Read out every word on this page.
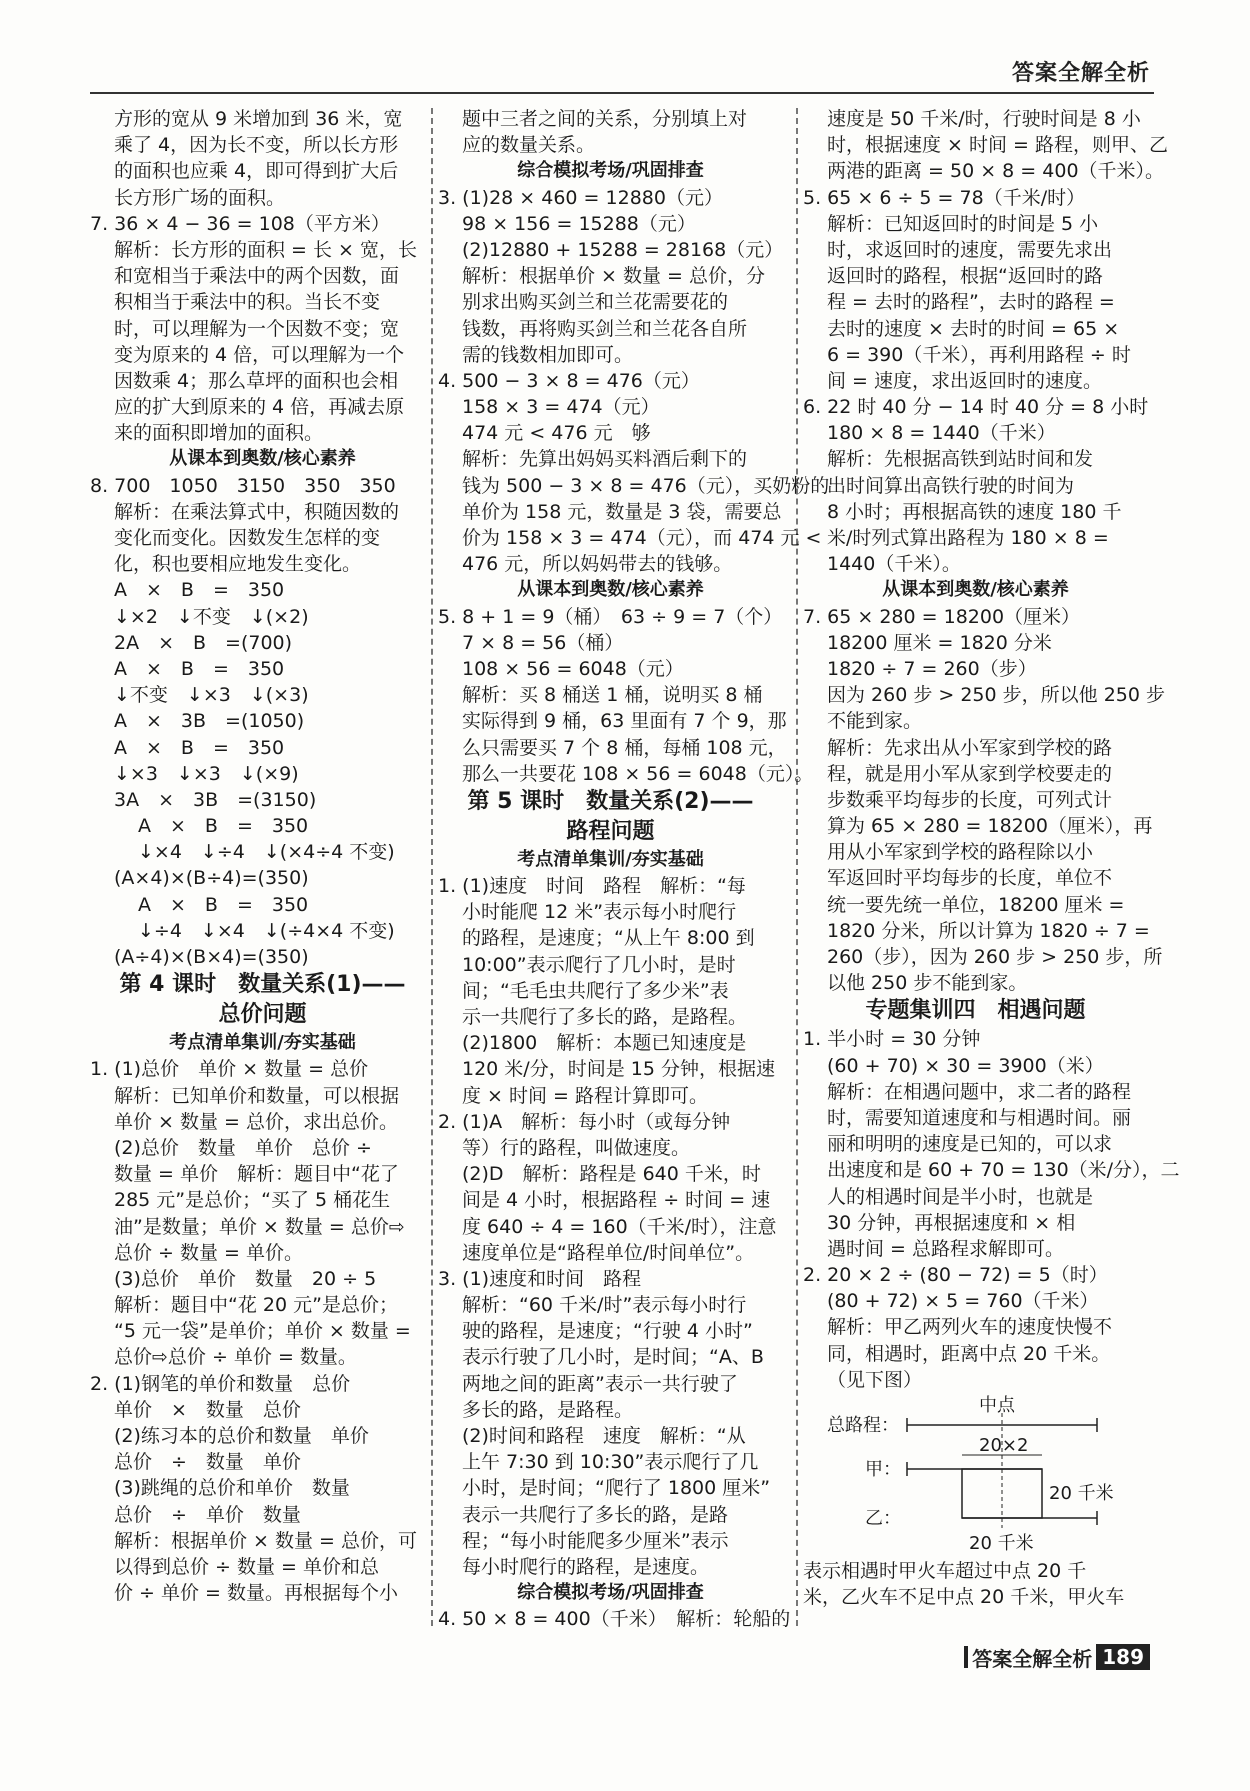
答案全解全析
方形的宽从 9 米增加到 36 米，宽
乘了 4，因为长不变，所以长方形
的面积也应乘 4，即可得到扩大后
长方形广场的面积。
7. 36 × 4 − 36 = 108（平方米）
解析：长方形的面积 = 长 × 宽，长
和宽相当于乘法中的两个因数，面
积相当于乘法中的积。当长不变
时，可以理解为一个因数不变；宽
变为原来的 4 倍，可以理解为一个
因数乘 4；那么草坪的面积也会相
应的扩大到原来的 4 倍，再减去原
来的面积即增加的面积。
从课本到奥数/核心素养
8. 700　1050　3150　350　350
解析：在乘法算式中，积随因数的
变化而变化。因数发生怎样的变
化，积也要相应地发生变化。
A　×　B　=　350
↓×2　↓不变　↓(×2)
2A　×　B　=(700)
A　×　B　=　350
↓不变　↓×3　↓(×3)
A　×　3B　=(1050)
A　×　B　=　350
↓×3　↓×3　↓(×9)
3A　×　3B　=(3150)
A　×　B　=　350
↓×4　↓÷4　↓(×4÷4 不变)
(A×4)×(B÷4)=(350)
A　×　B　=　350
↓÷4　↓×4　↓(÷4×4 不变)
(A÷4)×(B×4)=(350)
第 4 课时　数量关系(1)——
总价问题
考点清单集训/夯实基础
1. (1)总价　单价 × 数量 = 总价
解析：已知单价和数量，可以根据
单价 × 数量 = 总价，求出总价。
(2)总价　数量　单价　总价 ÷
数量 = 单价　解析：题目中“花了
285 元”是总价；“买了 5 桶花生
油”是数量；单价 × 数量 = 总价⇨
总价 ÷ 数量 = 单价。
(3)总价　单价　数量　20 ÷ 5
解析：题目中“花 20 元”是总价；
“5 元一袋”是单价；单价 × 数量 =
总价⇨总价 ÷ 单价 = 数量。
2. (1)钢笔的单价和数量　总价
单价　×　数量　总价
(2)练习本的总价和数量　单价
总价　÷　数量　单价
(3)跳绳的总价和单价　数量
总价　÷　单价　数量
解析：根据单价 × 数量 = 总价，可
以得到总价 ÷ 数量 = 单价和总
价 ÷ 单价 = 数量。再根据每个小
题中三者之间的关系，分别填上对
应的数量关系。
综合模拟考场/巩固排查
3. (1)28 × 460 = 12880（元）
98 × 156 = 15288（元）
(2)12880 + 15288 = 28168（元）
解析：根据单价 × 数量 = 总价，分
别求出购买剑兰和兰花需要花的
钱数，再将购买剑兰和兰花各自所
需的钱数相加即可。
4. 500 − 3 × 8 = 476（元）
158 × 3 = 474（元）
474 元 < 476 元　够
解析：先算出妈妈买料酒后剩下的
钱为 500 − 3 × 8 = 476（元），买奶粉的
单价为 158 元，数量是 3 袋，需要总
价为 158 × 3 = 474（元），而 474 元 <
476 元，所以妈妈带去的钱够。
从课本到奥数/核心素养
5. 8 + 1 = 9（桶）　63 ÷ 9 = 7（个）
7 × 8 = 56（桶）
108 × 56 = 6048（元）
解析：买 8 桶送 1 桶，说明买 8 桶
实际得到 9 桶，63 里面有 7 个 9，那
么只需要买 7 个 8 桶，每桶 108 元，
那么一共要花 108 × 56 = 6048（元）。
第 5 课时　数量关系(2)——
路程问题
考点清单集训/夯实基础
1. (1)速度　时间　路程　解析：“每
小时能爬 12 米”表示每小时爬行
的路程，是速度；“从上午 8:00 到
10:00”表示爬行了几小时，是时
间；“毛毛虫共爬行了多少米”表
示一共爬行了多长的路，是路程。
(2)1800　解析：本题已知速度是
120 米/分，时间是 15 分钟，根据速
度 × 时间 = 路程计算即可。
2. (1)A　解析：每小时（或每分钟
等）行的路程，叫做速度。
(2)D　解析：路程是 640 千米，时
间是 4 小时，根据路程 ÷ 时间 = 速
度 640 ÷ 4 = 160（千米/时），注意
速度单位是“路程单位/时间单位”。
3. (1)速度和时间　路程
解析：“60 千米/时”表示每小时行
驶的路程，是速度；“行驶 4 小时”
表示行驶了几小时，是时间；“A、B
两地之间的距离”表示一共行驶了
多长的路，是路程。
(2)时间和路程　速度　解析：“从
上午 7:30 到 10:30”表示爬行了几
小时，是时间；“爬行了 1800 厘米”
表示一共爬行了多长的路，是路
程；“每小时能爬多少厘米”表示
每小时爬行的路程，是速度。
综合模拟考场/巩固排查
4. 50 × 8 = 400（千米）　解析：轮船的
速度是 50 千米/时，行驶时间是 8 小
时，根据速度 × 时间 = 路程，则甲、乙
两港的距离 = 50 × 8 = 400（千米）。
5. 65 × 6 ÷ 5 = 78（千米/时）
解析：已知返回时的时间是 5 小
时，求返回时的速度，需要先求出
返回时的路程，根据“返回时的路
程 = 去时的路程”，去时的路程 =
去时的速度 × 去时的时间 = 65 ×
6 = 390（千米），再利用路程 ÷ 时
间 = 速度，求出返回时的速度。
6. 22 时 40 分 − 14 时 40 分 = 8 小时
180 × 8 = 1440（千米）
解析：先根据高铁到站时间和发
出时间算出高铁行驶的时间为
8 小时；再根据高铁的速度 180 千
米/时列式算出路程为 180 × 8 =
1440（千米）。
从课本到奥数/核心素养
7. 65 × 280 = 18200（厘米）
18200 厘米 = 1820 分米
1820 ÷ 7 = 260（步）
因为 260 步 > 250 步，所以他 250 步
不能到家。
解析：先求出从小军家到学校的路
程，就是用小军从家到学校要走的
步数乘平均每步的长度，可列式计
算为 65 × 280 = 18200（厘米），再
用从小军家到学校的路程除以小
军返回时平均每步的长度，单位不
统一要先统一单位，18200 厘米 =
1820 分米，所以计算为 1820 ÷ 7 =
260（步），因为 260 步 > 250 步，所
以他 250 步不能到家。
专题集训四　相遇问题
1. 半小时 = 30 分钟
(60 + 70) × 30 = 3900（米）
解析：在相遇问题中，求二者的路程
时，需要知道速度和与相遇时间。丽
丽和明明的速度是已知的，可以求
出速度和是 60 + 70 = 130（米/分），二
人的相遇时间是半小时，也就是
30 分钟，再根据速度和 × 相
遇时间 = 总路程求解即可。
2. 20 × 2 ÷ (80 − 72) = 5（时）
(80 + 72) × 5 = 760（千米）
解析：甲乙两列火车的速度快慢不
同，相遇时，距离中点 20 千米。
（见下图）
中点
总路程：
20×2
甲：
20 千米
乙：
20 千米
表示相遇时甲火车超过中点 20 千
米，乙火车不足中点 20 千米，甲火车
答案全解全析 189
